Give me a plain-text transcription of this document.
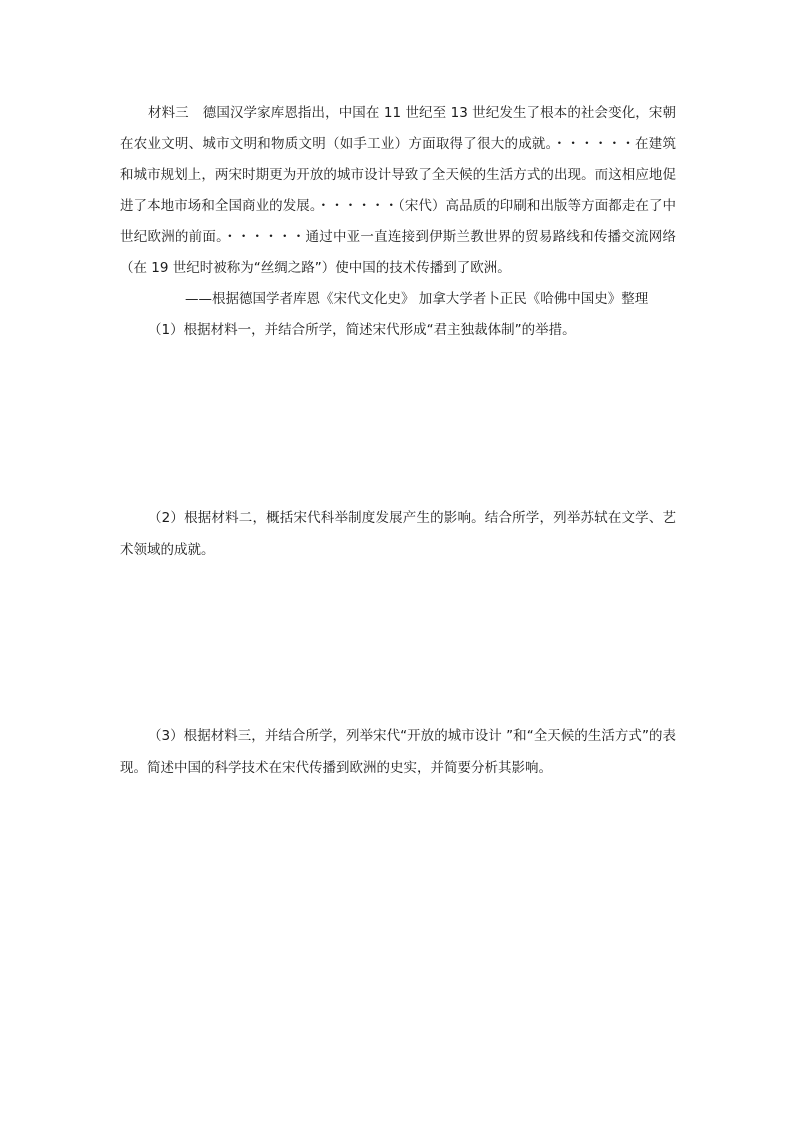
材料三 德国汉学家库恩指出，中国在 11 世纪至 13 世纪发生了根本的社会变化，宋朝在农业文明、城市文明和物质文明（如手工业）方面取得了很大的成就。・・・・・・在建筑和城市规划上，两宋时期更为开放的城市设计导致了全天候的生活方式的出现。而这相应地促进了本地市场和全国商业的发展。・・・・・・（宋代）高品质的印刷和出版等方面都走在了中世纪欧洲的前面。・・・・・・通过中亚一直连接到伊斯兰教世界的贸易路线和传播交流网络（在 19 世纪时被称为“丝绸之路”）使中国的技术传播到了欧洲。

——根据德国学者库恩《宋代文化史》 加拿大学者卜正民《哈佛中国史》整理

（1）根据材料一，并结合所学，简述宋代形成“君主独裁体制”的举措。

（2）根据材料二，概括宋代科举制度发展产生的影响。结合所学，列举苏轼在文学、艺术领域的成就。

（3）根据材料三，并结合所学，列举宋代“开放的城市设计 ”和“全天候的生活方式”的表现。简述中国的科学技术在宋代传播到欧洲的史实，并简要分析其影响。
